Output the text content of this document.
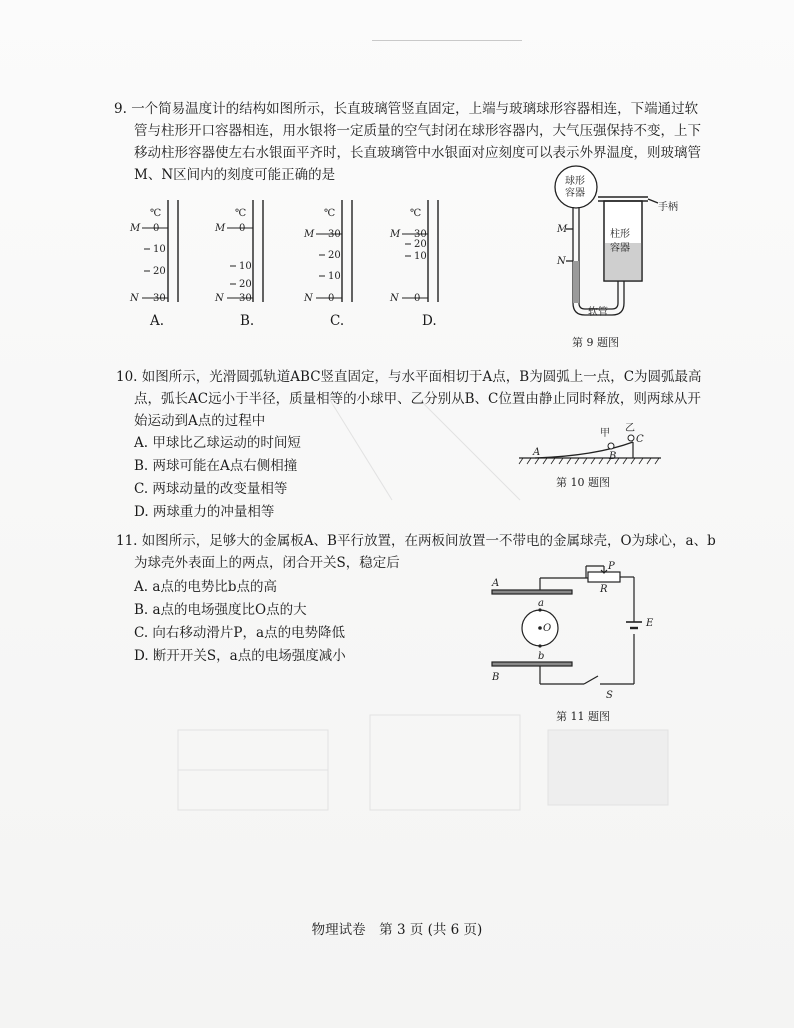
9. 一个简易温度计的结构如图所示，长直玻璃管竖直固定，上端与玻璃球形容器相连，下端通过软
管与柱形开口容器相连，用水银将一定质量的空气封闭在球形容器内，大气压强保持不变，上下
移动柱形容器使左右水银面平齐时，长直玻璃管中水银面对应刻度可以表示外界温度，则玻璃管
M、N区间内的刻度可能正确的是
℃
M
N
0
10
20
30
℃
M
N
0
10
20
30
℃
M
N
30
20
10
0
℃
M
N
30
20
10
0
A.	B.	C.	D.
球形
容器
柱形
容器
手柄
软管
M
N
第 9 题图
10. 如图所示，光滑圆弧轨道ABC竖直固定，与水平面相切于A点，B为圆弧上一点，C为圆弧最高
点，弧长AC远小于半径，质量相等的小球甲、乙分别从B、C位置由静止同时释放，则两球从开
始运动到A点的过程中
A. 甲球比乙球运动的时间短
B. 两球可能在A点右侧相撞
C. 两球动量的改变量相等
D. 两球重力的冲量相等
A	B
C
甲 乙
第 10 题图
11. 如图所示，足够大的金属板A、B平行放置，在两板间放置一不带电的金属球壳，O为球心，a、b
为球壳外表面上的两点，闭合开关S，稳定后
A. a点的电势比b点的高
B. a点的电场强度比O点的大
C. 向右移动滑片P，a点的电势降低
D. 断开开关S，a点的电场强度减小
A
B
a
b
O
P
R
E
S
第 11 题图
物理试卷　第 3 页 (共 6 页)
